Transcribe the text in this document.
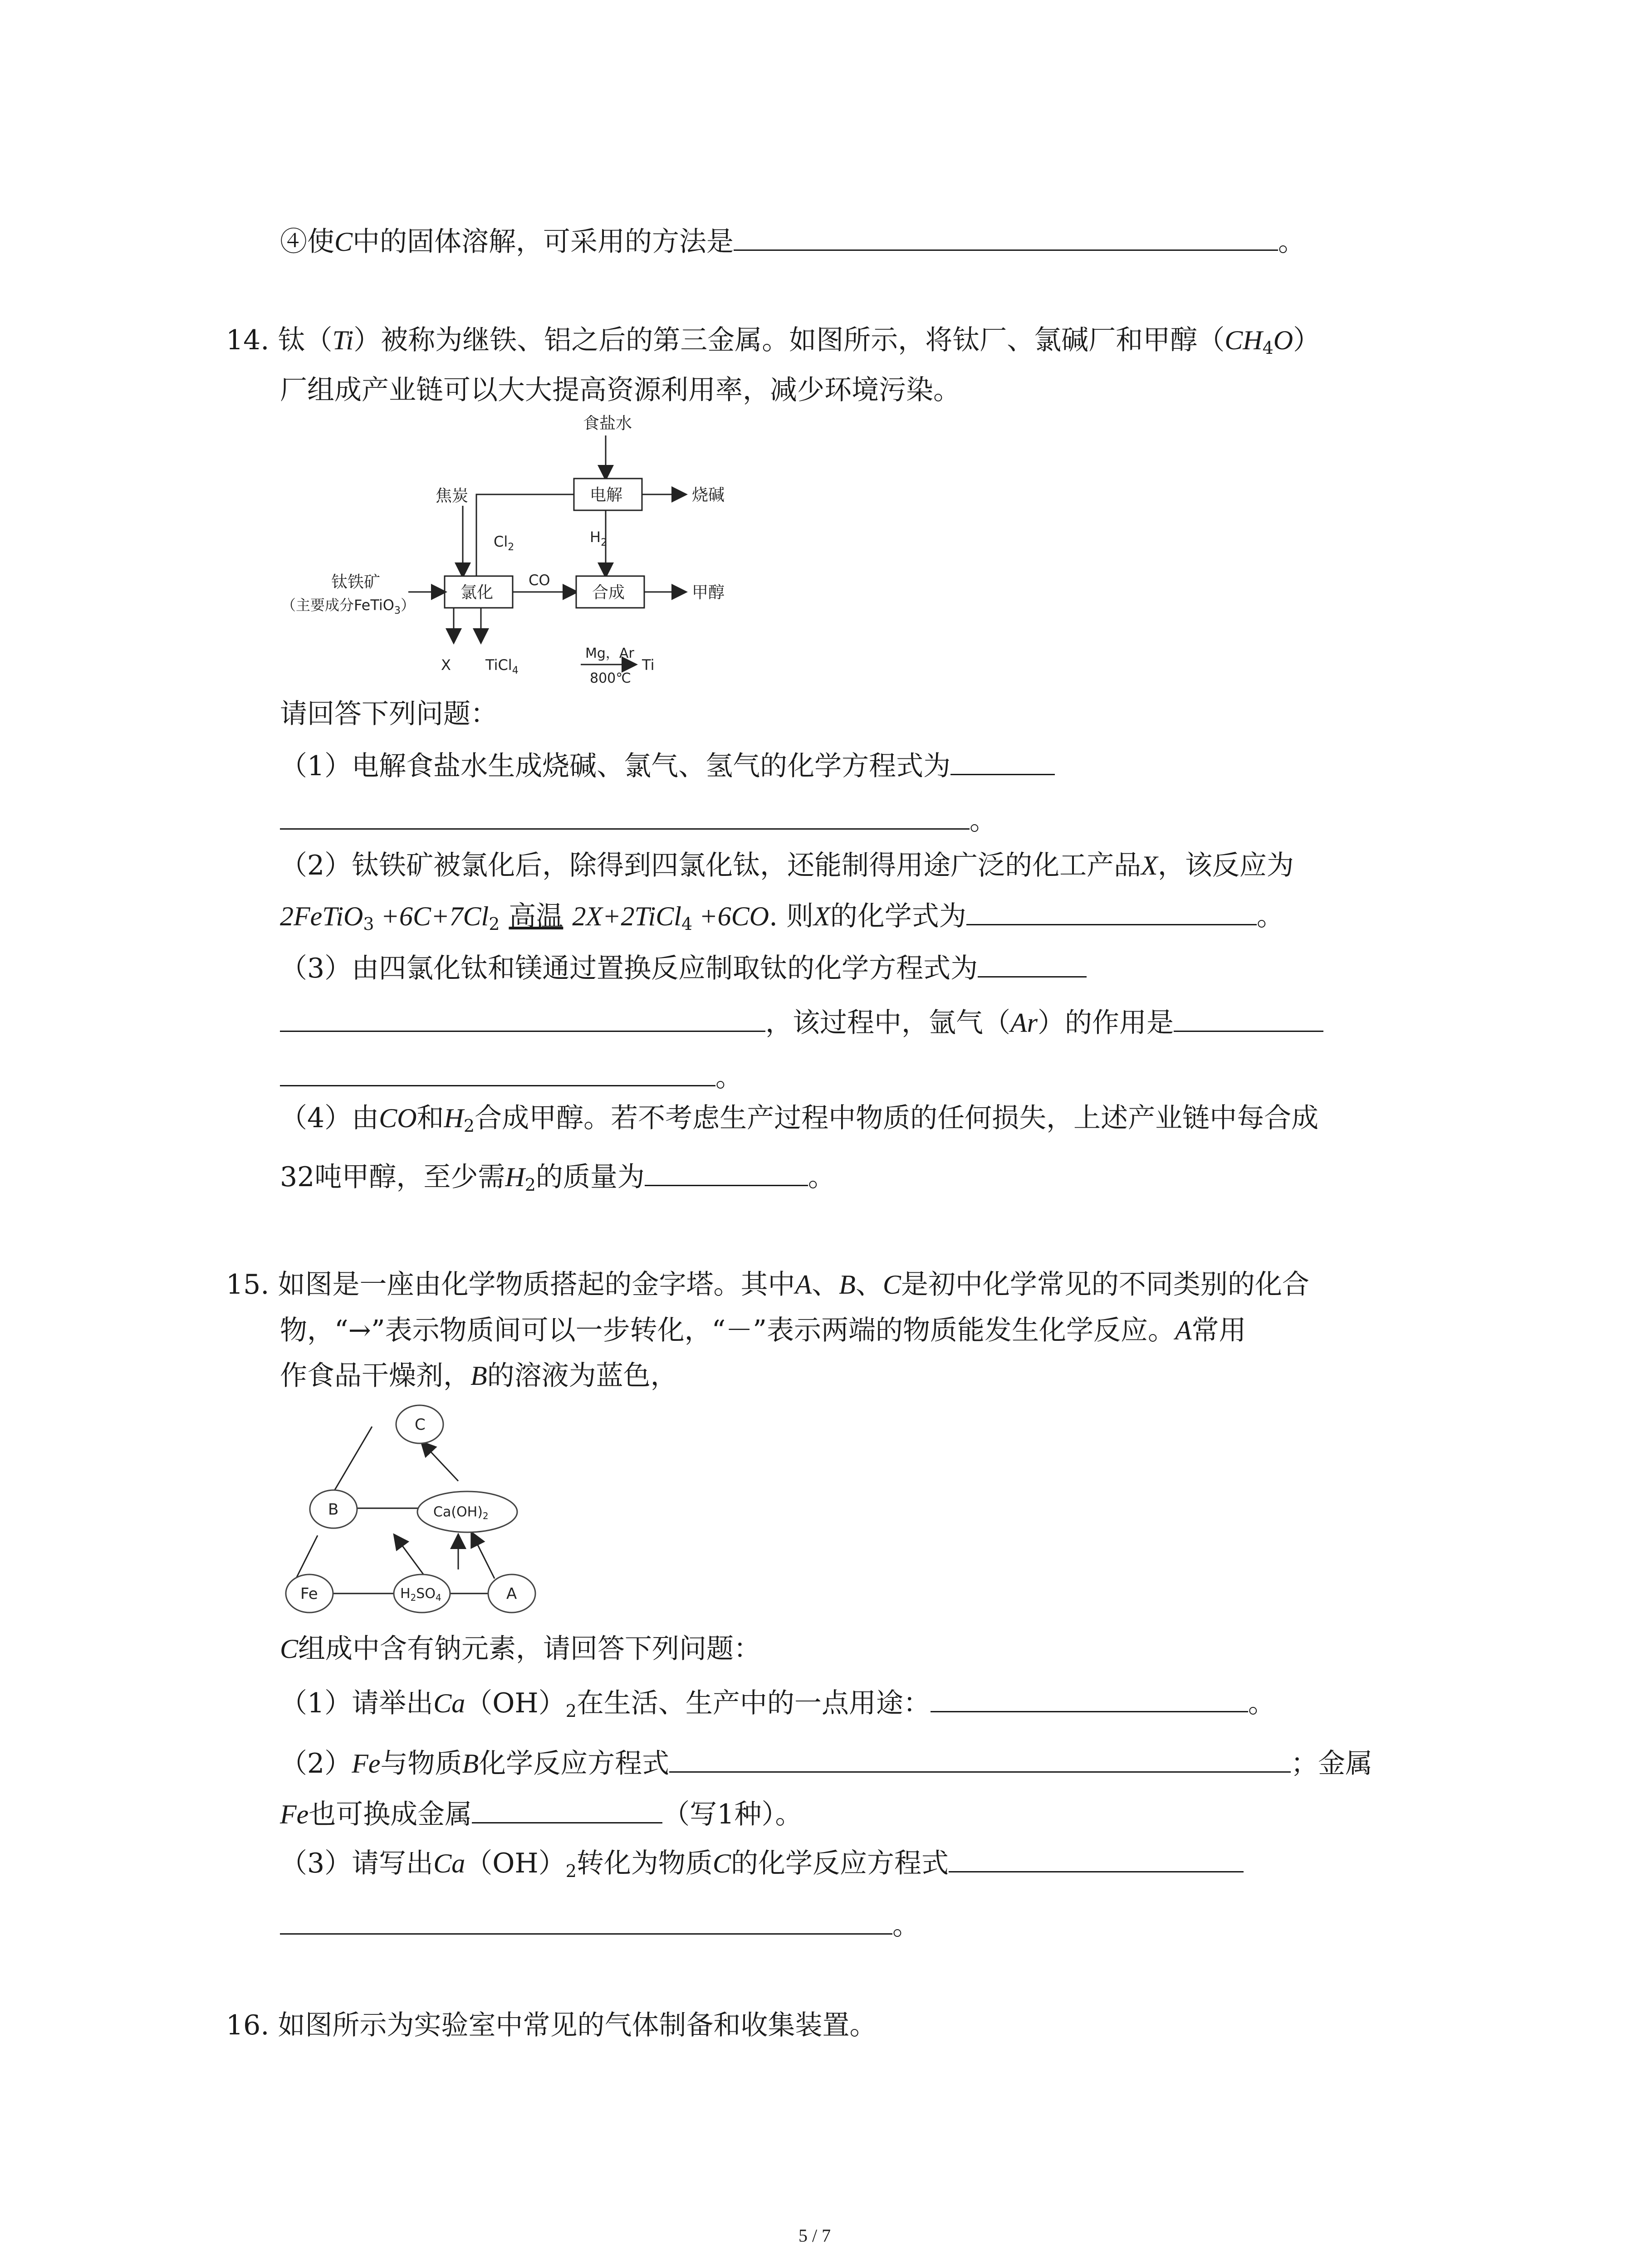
④使C中的固体溶解，可采用的方法是	。
14. 钛（Ti）被称为继铁、铝之后的第三金属。如图所示，将钛厂、氯碱厂和甲醇$(CH_4O)$
厂组成产业链可以大大提高资源利用率，减少环境污染。
食盐水
焦炭	电解	烧碱
$Cl_2$
$H_2$
钛铁矿
（主要成分FeTiO$_3$）
氯化
CO
合成	甲醇
X TiCl$_4$
Mg，Ar
800℃
Ti
请回答下列问题：
（1）电解食盐水生成烧碱、氯气、氢气的化学方程式为
。
（2）钛铁矿被氯化后，除得到四氯化钛，还能制得用途广泛的化工产品X，该反应为
2FeTiO$_3$ $+6C+7Cl_2$ 高温 2X+2TiCl$_4$ +6CO. 则X的化学式为	。
（3）由四氯化钛和镁通过置换反应制取钛的化学方程式为
，该过程中，氩气（Ar）的作用是
。
（4）由CO和$H_2$合成甲醇。若不考虑生产过程中物质的任何损失，上述产业链中每合成
32吨甲醇，至少需$H_2$的质量为	。
15. 如图是一座由化学物质搭起的金字塔。其中A、B、C是初中化学常见的不同类别的化合
物，“→”表示物质间可以一步转化，“－”表示两端的物质能发生化学反应。A常用
作食品干燥剂，B的溶液为蓝色，
C
B	$Ca(OH)_2$
Fe	$H_2SO_4$	A
C组成中含有钠元素，请回答下列问题：
（1）请举出$Ca(OH)_2$在生活、生产中的一点用途：	。
（2）Fe与物质B化学反应方程式	；金属
Fe也可换成金属	（写1种）。
（3）请写出$Ca(OH)_2$转化为物质C的化学反应方程式
。
16. 如图所示为实验室中常见的气体制备和收集装置。
5 / 7
